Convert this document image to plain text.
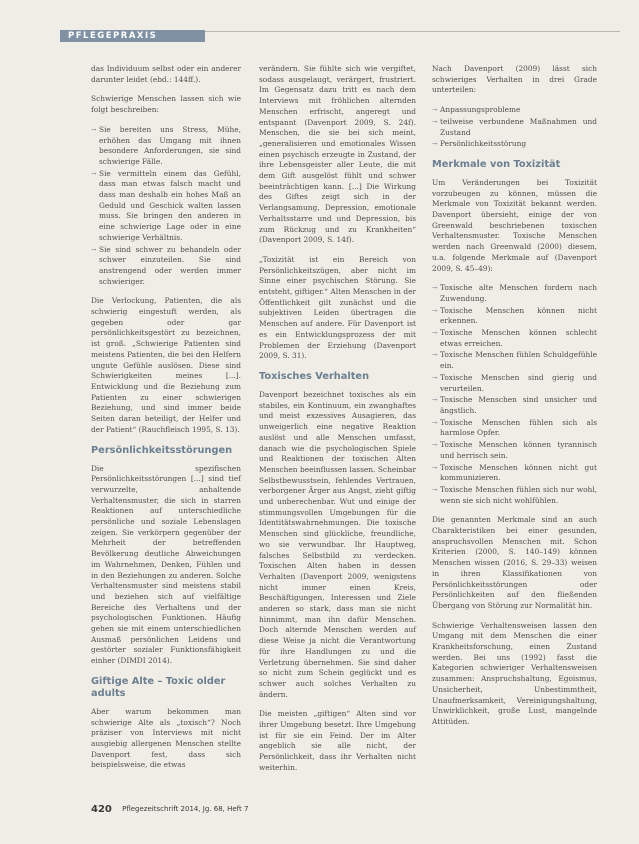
PFLEGEPRAXIS

das Individuum selbst oder ein anderer darunter leidet (ebd.: 144ff.).

Schwierige Menschen lassen sich wie folgt beschreiben:

→ Sie bereiten uns Stress, Mühe, erhöhen das Umgang mit ihnen besondere Anforderungen, sie sind schwierige Fälle.
→ Sie vermitteln einem das Gefühl, dass man etwas falsch macht und dass man deshalb ein hohes Maß an Geduld und Geschick walten lassen muss. Sie bringen den anderen in eine schwierige Lage oder in eine schwierige Verhältnis.
→ Sie sind schwer zu behandeln oder schwer einzuteilen. Sie sind anstrengend oder werden immer schwieriger.

Die Verlockung, Patienten, die als schwierig eingestuft werden, als gegeben oder gar persönlichkeitsgestört zu bezeichnen, ist groß. „Schwierige Patienten sind meistens Patienten, die bei den Helfern ungute Gefühle auslösen. Diese sind Schwierigkeiten meines [...]. Entwicklung und die Beziehung zum Patienten zu einer schwierigen Beziehung, und sind immer beide Seiten daran beteiligt, der Helfer und der Patient“ (Rauchfleisch 1995, S. 13).

Persönlichkeitsstörungen

Die spezifischen Persönlichkeitsstörungen [...] sind tief verwurzelte, anhaltende Verhaltensmuster, die sich in starren Reaktionen auf unterschiedliche persönliche und soziale Lebenslagen zeigen. Sie verkörpern gegenüber der Mehrheit der betreffenden Bevölkerung deutliche Abweichungen im Wahrnehmen, Denken, Fühlen und in den Beziehungen zu anderen. Solche Verhaltensmuster sind meistens stabil und beziehen sich auf vielfältige Bereiche des Verhaltens und der psychologischen Funktionen. Häufig gehen sie mit einem unterschiedlichen Ausmaß persönlichen Leidens und gestörter sozialer Funktionsfähigkeit einher (DIMDI 2014).

Giftige Alte – Toxic older adults

Aber warum bekommen man schwierige Alte als „toxisch“? Noch präziser von Interviews mit nicht ausgiebig allergenen Menschen stellte Davenport fest, dass sich beispielsweise, die etwas

verändern. Sie fühlte sich wie vergiftet, sodass ausgelaugt, verärgert, frustriert. Im Gegensatz dazu tritt es nach dem Interviews mit fröhlichen alternden Menschen erfrischt, angeregt und entspannt (Davenport 2009, S. 24f). Menschen, die sie bei sich meint, „generalisieren und emotionales Wissen einen psychisch erzeugte in Zustand, der ihre Lebensgeister aller Leute, die mit dem Gift ausgelöst fühlt und schwer beeinträchtigen kann. [...] Die Wirkung des Giftes zeigt sich in der Verlangsamung, Depression, emotionale Verhaltsstarre und und Depression, bis zum Rückzug und zu Krankheiten“ (Davenport 2009, S. 14f).

„Toxizität ist ein Bereich von Persönlichkeitszügen, aber nicht im Sinne einer psychischen Störung. Sie entsteht, giftiger.“ Alten Menschen in der Öffentlichkeit gilt zunächst und die subjektiven Leiden übertragen die Menschen auf andere. Für Davenport ist es ein Entwicklungsprozess der mit Problemen der Erziehung (Davenport 2009, S. 31).

Toxisches Verhalten

Davenport bezeichnet toxisches als ein stabiles, ein Kontinuum, ein zwanghaftes und meist exzessives Ausagieren, das unweigerlich eine negative Reaktion auslöst und alle Menschen umfasst, danach wie die psychologischen Spiele und Reaktionen der toxischen Alten Menschen beeinflussen lassen. Scheinbar Selbstbewusstsein, fehlendes Vertrauen, verborgener Ärger aus Angst, zieht giftig und unberechenbar. Wut und einige der stimmungsvollen Umgebungen für die Identitätswahrnehmungen. Die toxische Menschen sind glückliche, freundliche, wo sie verwundbar. Ihr Hauptweg, falsches Selbstbild zu verdecken. Toxischen Alten haben in dessen Verhalten (Davenport 2009, wenigstens nicht immer einen Kreis, Beschäftigungen, Interessen und Ziele anderen so stark, dass man sie nicht hinnimmt, man ihn dafür Menschen. Doch alternde Menschen werden auf diese Weise ja nicht die Verantwortung für ihre Handlungen zu und die Verletzung übernehmen. Sie sind daher so nicht zum Schein geglückt und es schwer auch solches Verhalten zu ändern.

Die meisten „giftigen“ Alten sind vor ihrer Umgebung besetzt. Ihre Umgebung ist für sie ein Feind. Der im Alter angeblich sie alle nicht, der Persönlichkeit, dass ihr Verhalten nicht weiterhin.

Nach Davenport (2009) lässt sich schwieriges Verhalten in drei Grade unterteilen:

→ Anpassungsprobleme
→ teilweise verbundene Maßnahmen und Zustand
→ Persönlichkeitsstörung
Merkmale von Toxizität

Um Veränderungen bei Toxizität vorzubeugen zu können, müssen die Merkmale von Toxizität bekannt werden. Davenport übersieht, einige der von Greenwald beschriebenen toxischen Verhaltensmuster. Toxische Menschen werden nach Greenwald (2000) diesem, u.a. folgende Merkmale auf (Davenport 2009, S. 45–49):

→ Toxische alte Menschen fordern nach Zuwendung.
→ Toxische Menschen können nicht erkennen.
→ Toxische Menschen können schlecht etwas erreichen.
→ Toxische Menschen fühlen Schuldgefühle ein.
→ Toxische Menschen sind gierig und verurteilen.
→ Toxische Menschen sind unsicher und ängstlich.
→ Toxische Menschen fühlen sich als harmlose Opfer.
→ Toxische Menschen können tyrannisch und herrisch sein.
→ Toxische Menschen können nicht gut kommunizieren.
→ Toxische Menschen fühlen sich nur wohl, wenn sie sich nicht wohlfühlen.

Die genannten Merkmale sind an auch Charakteristiken bei einer gesunden, anspruchsvollen Menschen mit. Schon Kriterien (2000, S. 140–149) können Menschen wissen (2016, S. 29–33) weisen in ihren Klassifikationen von Persönlichkeitsstörungen oder Persönlichkeiten auf den fließenden Übergang von Störung zur Normalität hin.

Schwierige Verhaltensweisen lassen den Umgang mit dem Menschen die einer Krankheitsforschung, einen Zustand werden. Bei uns (1992) fasst die Kategorien schwieriger Verhaltensweisen zusammen: Anspruchshaltung, Egoismus, Unsicherheit, Unbestimmtheit, Unaufmerksamkeit, Vereinigungshaltung, Unwirklichkeit, große Lust, mangelnde Attitüden.

420 Pflegezeitschrift 2014, Jg. 68, Heft 7
